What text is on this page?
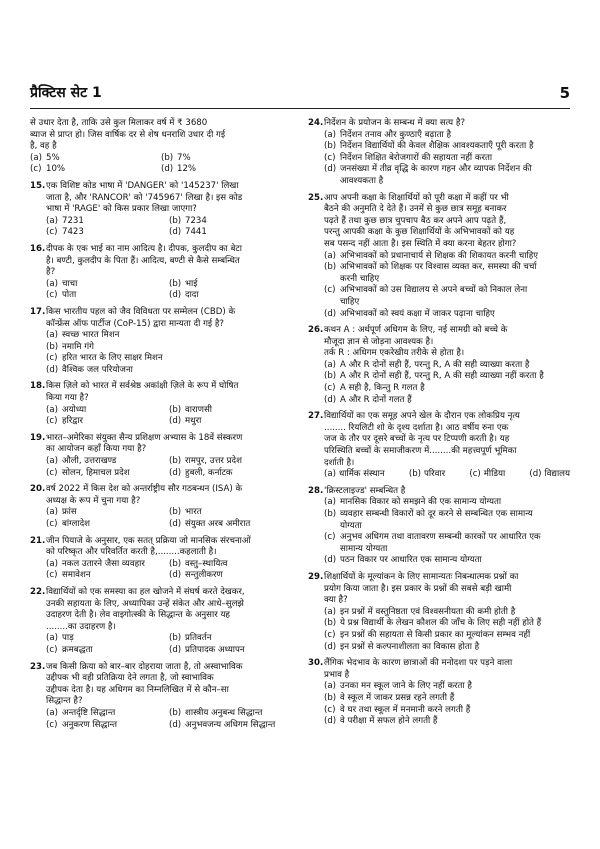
प्रैक्टिस सेट 1	5
से उधार देता है, ताकि उसे कुल मिलाकर वर्ष में ₹ 3680
ब्याज से प्राप्त हो। जिस वार्षिक दर से शेष धनराशि उधार दी गई
है, वह है
(a) 5%	(b) 7%
(c) 10%	(d) 12%
15. एक विशिष्ट कोड भाषा में 'DANGER' को '145237' लिखा
जाता है, और 'RANCOR' को '745967' लिखा है। इस कोड
भाषा में 'RAGE' को किस प्रकार लिखा जाएगा?
(a) 7231	(b) 7234
(c) 7423	(d) 7441
16. दीपक के एक भाई का नाम आदित्य है। दीपक, कुलदीप का बेटा
है। बण्टी, कुलदीप के पिता हैं। आदित्य, बण्टी से कैसे सम्बन्धित
है?
(a) चाचा	(b) भाई
(c) पोता	(d) दादा
17. किस भारतीय पहल को जैव विविधता पर सम्मेलन (CBD) के
कॉन्फ्रेंस ऑफ पार्टीज (CoP-15) द्वारा मान्यता दी गई है?
(a) स्वच्छ भारत मिशन
(b) नमामि गंगे
(c) हरित भारत के लिए साक्षर मिशन
(d) वैश्विक जल परियोजना
18. किस ज़िले को भारत में सर्वश्रेष्ठ अकांक्षी ज़िले के रूप में घोषित
किया गया है?
(a) अयोध्या	(b) वाराणसी
(c) हरिद्वार	(d) मथुरा
19. भारत–अमेरिका संयुक्त सैन्य प्रशिक्षण अभ्यास के 18वें संस्करण
का आयोजन कहाँ किया गया है?
(a) औली, उत्तराखण्ड	(b) रामपुर, उत्तर प्रदेश
(c) सोलन, हिमाचल प्रदेश	(d) हुबली, कर्नाटक
20. वर्ष 2022 में किस देश को अन्तर्राष्ट्रीय सौर गठबन्धन (ISA) के
अध्यक्ष के रूप में चुना गया है?
(a) फ्रांस	(b) भारत
(c) बांग्लादेश	(d) संयुक्त अरब अमीरात
21. जीन पियाजे के अनुसार, एक सतत् प्रक्रिया जो मानसिक संरचनाओं
को परिष्कृत और परिवर्तित करती है,........कहलाती है।
(a) नकल उतारने जैसा व्यवहार	(b) वस्तु–स्थायित्व
(c) समावेशन	(d) सन्तुलीकरण
22. विद्यार्थियों को एक समस्या का हल खोजने में संघर्ष करते देखकर,
उनकी सहायता के लिए, अध्यापिका उन्हें संकेत और आधे–सुलझे
उदाहरण देती है। लेव वाइगोत्स्की के सिद्धान्त के अनुसार यह
........का उदाहरण है।
(a) पाड़	(b) प्रतिवर्तन
(c) क्रमबद्धता	(d) प्रतिपादक अध्यापन
23. जब किसी क्रिया को बार–बार दोहराया जाता है, तो अस्वाभाविक
उद्दीपक भी वही प्रतिक्रिया देने लगता है, जो स्वाभाविक
उद्दीपक देता है। यह अधिगम का निम्नलिखित में से कौन–सा
सिद्धान्त है?
(a) अन्तर्दृष्टि सिद्धान्त	(b) शास्त्रीय अनुबन्ध सिद्धान्त
(c) अनुकरण सिद्धान्त	(d) अनुभवजन्य अधिगम सिद्धान्त
24. निर्देशन के प्रयोजन के सम्बन्ध में क्या सत्य है?
(a) निर्देशन तनाव और कुण्ठाएँ बढ़ाता है
(b) निर्देशन विद्यार्थियों की केवल शैक्षिक आवश्यकताएँ पूरी करता है
(c) निर्देशन शिक्षित बेरोजगारों की सहायता नहीं करता
(d) जनसंख्या में तीव्र वृद्धि के कारण गहन और व्यापक निर्देशन की
आवश्यकता है
25. आप अपनी कक्षा के शिक्षार्थियों को पूरी कक्षा में कहीं पर भी
बैठने की अनुमति दे देते हैं। उनमें से कुछ छात्र समूह बनाकर
पढ़ते हैं तथा कुछ छात्र चुपचाप बैठ कर अपने आप पढ़ते हैं,
परन्तु आपकी कक्षा के कुछ शिक्षार्थियों के अभिभावकों को यह
सब पसन्द नहीं आता है। इस स्थिति में क्या करना बेहतर होगा?
(a) अभिभावकों को प्रधानाचार्य से शिक्षक की शिकायत करनी चाहिए
(b) अभिभावकों को शिक्षक पर विश्वास व्यक्त कर, समस्या की चर्चा
करनी चाहिए
(c) अभिभावकों को उस विद्यालय से अपने बच्चों को निकाल लेना
चाहिए
(d) अभिभावकों को स्वयं कक्षा में जाकर पढ़ाना चाहिए
26. कथन A : अर्थपूर्ण अधिगम के लिए, नई सामग्री को बच्चे के
मौजूदा ज्ञान से जोड़ना आवश्यक है।
तर्क R : अधिगम एकरेखीय तरीके से होता है।
(a) A और R दोनों सही हैं, परन्तु R, A की सही व्याख्या करता है
(b) A और R दोनों सही हैं, परन्तु R, A की सही व्याख्या नहीं करता है
(c) A सही है, किन्तु R गलत है
(d) A और R दोनों गलत हैं
27. विद्यार्थियों का एक समूह अपने खेल के दौरान एक लोकप्रिय नृत्य
........ रियलिटी शो के दृश्य दर्शाता है। आठ वर्षीय रुना एक
जज के तौर पर दूसरे बच्चों के नृत्य पर टिप्पणी करती है। यह
परिस्थिति बच्चों के समाजीकरण में........की महत्त्वपूर्ण भूमिका
दर्शाती है।
(a) धार्मिक संस्थान	(b) परिवार	(c) मीडिया	(d) विद्यालय
28. 'क्रिस्टलाइज्ड' सम्बन्धित है
(a) मानसिक विकार को समझने की एक सामान्य योग्यता
(b) व्यवहार सम्बन्धी विकारों को दूर करने से सम्बन्धित एक सामान्य
योग्यता
(c) अनुभव अधिगम तथा वातावरण सम्बन्धी कारकों पर आधारित एक
सामान्य योग्यता
(d) पठन विकार पर आधारित एक सामान्य योग्यता
29. शिक्षार्थियों के मूल्यांकन के लिए सामान्यतः निबन्धात्मक प्रश्नों का
प्रयोग किया जाता है। इस प्रकार के प्रश्नों की सबसे बड़ी खामी
क्या है?
(a) इन प्रश्नों में वस्तुनिष्ठता एवं विश्वसनीयता की कमी होती है
(b) ये प्रश्न विद्यार्थी के लेखन कौशल की जाँच के लिए सही नहीं होते हैं
(c) इन प्रश्नों की सहायता से किसी प्रकार का मूल्यांकन सम्भव नहीं
(d) इन प्रश्नों से कल्पनाशीलता का विकास होता है
30. लैंगिक भेदभाव के कारण छात्राओं की मनोदशा पर पड़ने वाला
प्रभाव है
(a) उनका मन स्कूल जाने के लिए नहीं करता है
(b) वे स्कूल में जाकर प्रसन्न रहने लगती हैं
(c) वे घर तथा स्कूल में मनमानी करने लगती हैं
(d) वे परीक्षा में सफल होने लगती हैं
